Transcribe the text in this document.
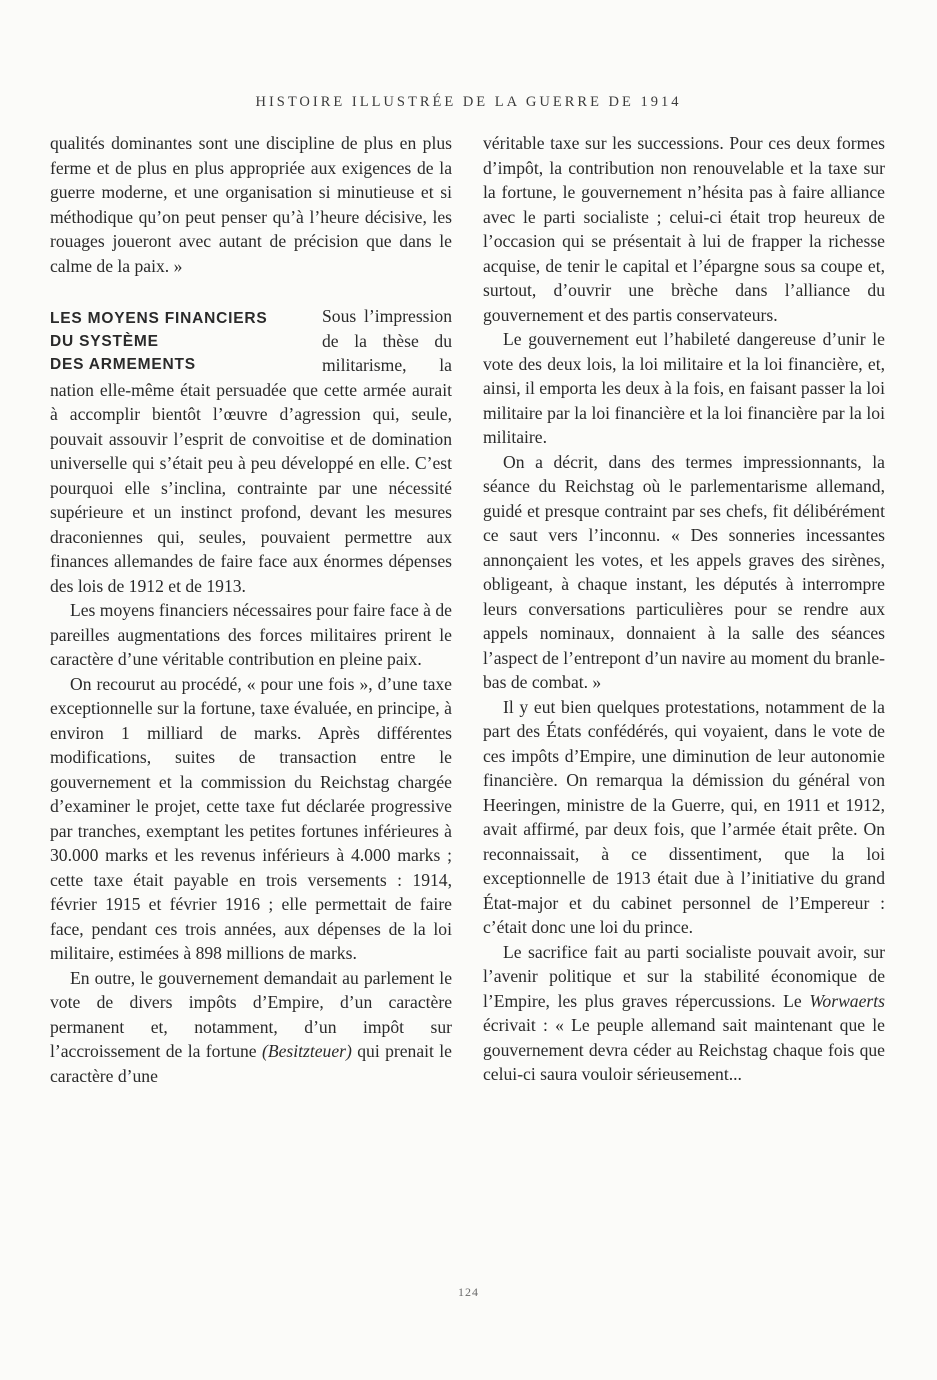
HISTOIRE ILLUSTRÉE DE LA GUERRE DE 1914

qualités dominantes sont une discipline de plus en plus ferme et de plus en plus appropriée aux exigences de la guerre moderne, et une organisation si minutieuse et si méthodique qu’on peut penser qu’à l’heure décisive, les rouages joueront avec autant de précision que dans le calme de la paix. »

LES MOYENS FINANCIERS
DU SYSTÈME
DES ARMEMENTS

Sous l’impression de la thèse du militarisme, la nation elle-même était persuadée que cette armée aurait à accomplir bientôt l’œuvre d’agression qui, seule, pouvait assouvir l’esprit de convoitise et de domination universelle qui s’était peu à peu développé en elle. C’est pourquoi elle s’inclina, contrainte par une nécessité supérieure et un instinct profond, devant les mesures draconiennes qui, seules, pouvaient permettre aux finances allemandes de faire face aux énormes dépenses des lois de 1912 et de 1913.

Les moyens financiers nécessaires pour faire face à de pareilles augmentations des forces militaires prirent le caractère d’une véritable contribution en pleine paix.

On recourut au procédé, « pour une fois », d’une taxe exceptionnelle sur la fortune, taxe évaluée, en principe, à environ 1 milliard de marks. Après différentes modifications, suites de transaction entre le gouvernement et la commission du Reichstag chargée d’examiner le projet, cette taxe fut déclarée progressive par tranches, exemptant les petites fortunes inférieures à 30.000 marks et les revenus inférieurs à 4.000 marks ; cette taxe était payable en trois versements : 1914, février 1915 et février 1916 ; elle permettait de faire face, pendant ces trois années, aux dépenses de la loi militaire, estimées à 898 millions de marks.

En outre, le gouvernement demandait au parlement le vote de divers impôts d’Empire, d’un caractère permanent et, notamment, d’un impôt sur l’accroissement de la fortune (Besitzteuer) qui prenait le caractère d’une

véritable taxe sur les successions. Pour ces deux formes d’impôt, la contribution non renouvelable et la taxe sur la fortune, le gouvernement n’hésita pas à faire alliance avec le parti socialiste ; celui-ci était trop heureux de l’occasion qui se présentait à lui de frapper la richesse acquise, de tenir le capital et l’épargne sous sa coupe et, surtout, d’ouvrir une brèche dans l’alliance du gouvernement et des partis conservateurs.

Le gouvernement eut l’habileté dangereuse d’unir le vote des deux lois, la loi militaire et la loi financière, et, ainsi, il emporta les deux à la fois, en faisant passer la loi militaire par la loi financière et la loi financière par la loi militaire.

On a décrit, dans des termes impressionnants, la séance du Reichstag où le parlementarisme allemand, guidé et presque contraint par ses chefs, fit délibérément ce saut vers l’inconnu. « Des sonneries incessantes annonçaient les votes, et les appels graves des sirènes, obligeant, à chaque instant, les députés à interrompre leurs conversations particulières pour se rendre aux appels nominaux, donnaient à la salle des séances l’aspect de l’entrepont d’un navire au moment du branle-bas de combat. »

Il y eut bien quelques protestations, notamment de la part des États confédérés, qui voyaient, dans le vote de ces impôts d’Empire, une diminution de leur autonomie financière. On remarqua la démission du général von Heeringen, ministre de la Guerre, qui, en 1911 et 1912, avait affirmé, par deux fois, que l’armée était prête. On reconnaissait, à ce dissentiment, que la loi exceptionnelle de 1913 était due à l’initiative du grand État-major et du cabinet personnel de l’Empereur : c’était donc une loi du prince.

Le sacrifice fait au parti socialiste pouvait avoir, sur l’avenir politique et sur la stabilité économique de l’Empire, les plus graves répercussions. Le Worwaerts écrivait : « Le peuple allemand sait maintenant que le gouvernement devra céder au Reichstag chaque fois que celui-ci saura vouloir sérieusement...

124
